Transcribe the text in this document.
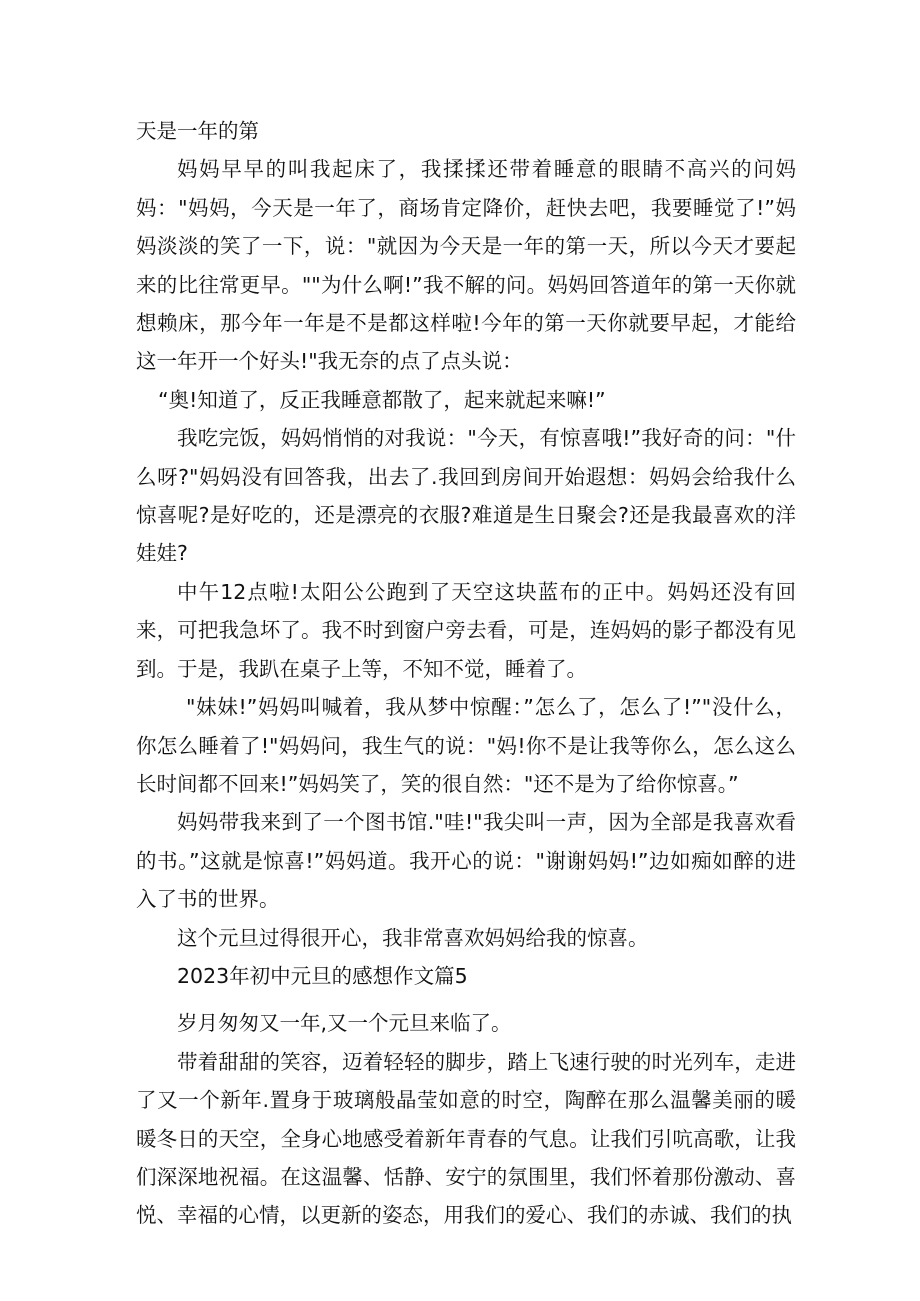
天是一年的第

妈妈早早的叫我起床了，我揉揉还带着睡意的眼睛不高兴的问妈妈："妈妈，今天是一年了，商场肯定降价，赶快去吧，我要睡觉了!”妈妈淡淡的笑了一下，说："就因为今天是一年的第一天，所以今天才要起来的比往常更早。""为什么啊!”我不解的问。妈妈回答道年的第一天你就想赖床，那今年一年是不是都这样啦!今年的第一天你就要早起，才能给这一年开一个好头!"我无奈的点了点头说：

“奥!知道了，反正我睡意都散了，起来就起来嘛!”

我吃完饭，妈妈悄悄的对我说："今天，有惊喜哦!”我好奇的问："什么呀?"妈妈没有回答我，出去了.我回到房间开始遐想：妈妈会给我什么惊喜呢?是好吃的，还是漂亮的衣服?难道是生日聚会?还是我最喜欢的洋娃娃?

中午12点啦!太阳公公跑到了天空这块蓝布的正中。妈妈还没有回来，可把我急坏了。我不时到窗户旁去看，可是，连妈妈的影子都没有见到。于是，我趴在桌子上等，不知不觉，睡着了。

"妹妹!”妈妈叫喊着，我从梦中惊醒：”怎么了，怎么了!”"没什么，你怎么睡着了!"妈妈问，我生气的说："妈!你不是让我等你么，怎么这么长时间都不回来!”妈妈笑了，笑的很自然："还不是为了给你惊喜。”

妈妈带我来到了一个图书馆."哇!"我尖叫一声，因为全部是我喜欢看的书。”这就是惊喜!”妈妈道。我开心的说："谢谢妈妈!”边如痴如醉的进入了书的世界。

这个元旦过得很开心，我非常喜欢妈妈给我的惊喜。

2023年初中元旦的感想作文篇5

岁月匆匆又一年,又一个元旦来临了。

带着甜甜的笑容，迈着轻轻的脚步，踏上飞速行驶的时光列车，走进了又一个新年.置身于玻璃般晶莹如意的时空，陶醉在那么温馨美丽的暖暖冬日的天空，全身心地感受着新年青春的气息。让我们引吭高歌，让我们深深地祝福。在这温馨、恬静、安宁的氛围里，我们怀着那份激动、喜悦、幸福的心情，以更新的姿态，用我们的爱心、我们的赤诚、我们的执
